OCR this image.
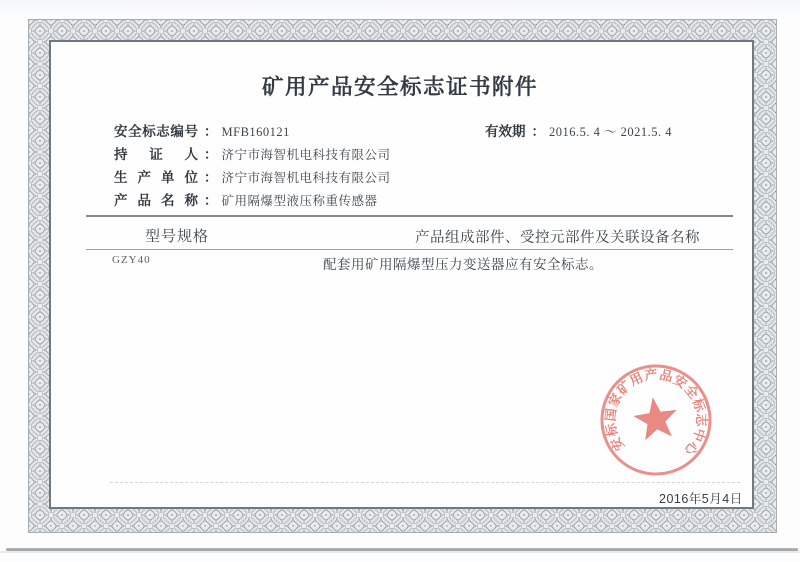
矿用产品安全标志证书附件
安全标志编号 ： MFB160121	有效期 ： 2016.5. 4 ～ 2021.5. 4
持证人 ： 济宁市海智机电科技有限公司
生产单位 ： 济宁市海智机电科技有限公司
产品名称 ： 矿用隔爆型液压称重传感器
型号规格	产品组成部件、受控元部件及关联设备名称
GZY40	配套用矿用隔爆型压力变送器应有安全标志。
安标国家矿用产品安全标志中心
2016年5月4日
